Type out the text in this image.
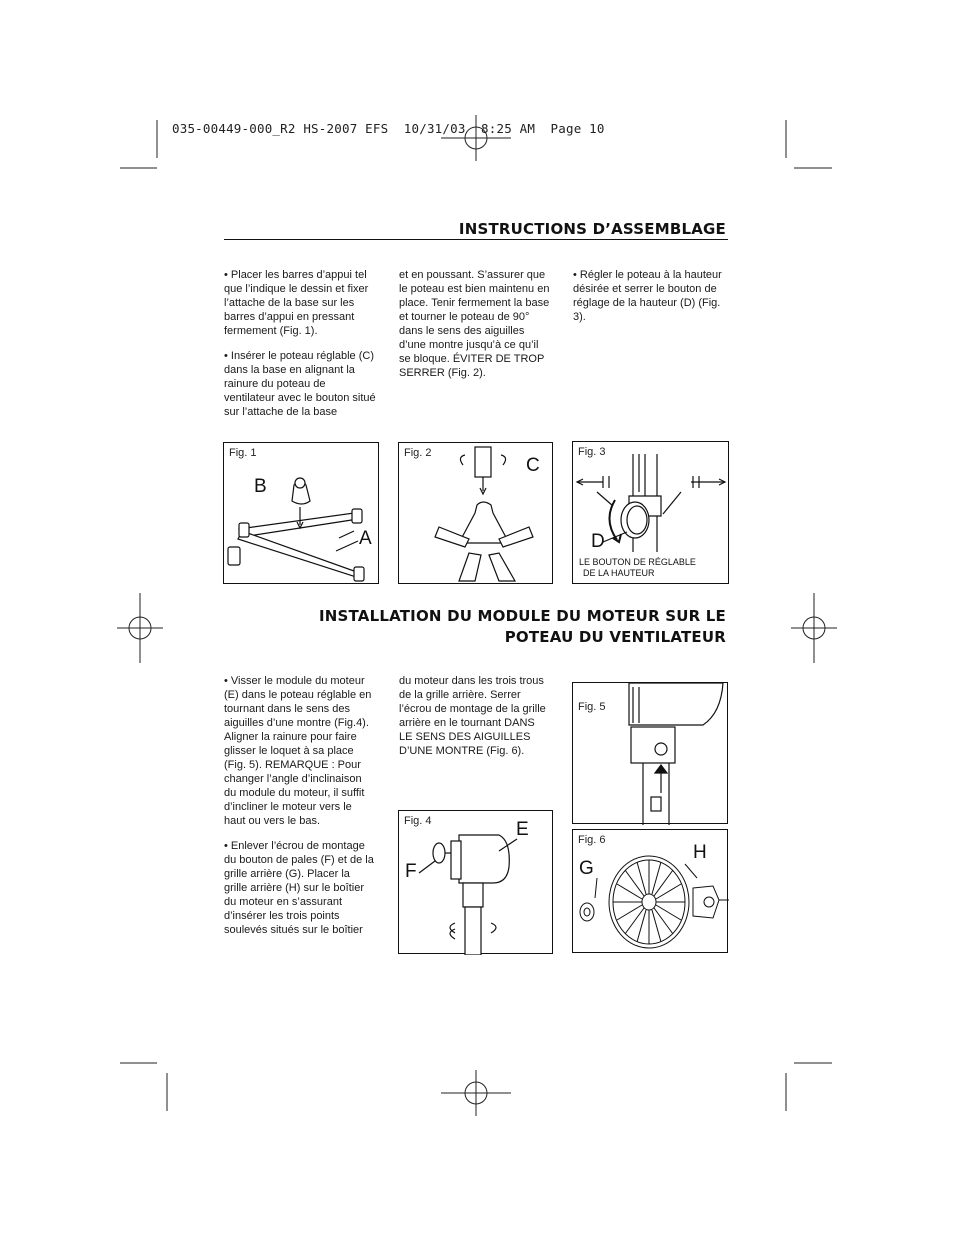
035-00449-000_R2 HS-2007 EFS  10/31/03  8:25 AM  Page 10
INSTRUCTIONS D’ASSEMBLAGE

• Placer les barres d’appui tel que l’indique le dessin et fixer l’attache de la base sur les barres d’appui en pressant fermement (Fig. 1).

• Insérer le poteau réglable (C) dans la base en alignant la rainure du poteau de ventilateur avec le bouton situé sur l’attache de la base

et en poussant. S’assurer que le poteau est bien maintenu en place. Tenir fermement la base et tourner le poteau de 90° dans le sens des aiguilles d’une montre jusqu’à ce qu’il se bloque. ÉVITER DE TROP SERRER (Fig. 2).

• Régler le poteau à la hauteur désirée et serrer le bouton de réglage de la hauteur (D) (Fig. 3).

Fig. 1
B
A
Fig. 2
C
Fig. 3
D
LE BOUTON DE RÉGLABLE
DE LA HAUTEUR
INSTALLATION DU MODULE DU MOTEUR SUR LE
POTEAU DU VENTILATEUR

• Visser le module du moteur (E) dans le poteau réglable en tournant dans le sens des aiguilles d’une montre (Fig.4). Aligner la rainure pour faire glisser le loquet à sa place (Fig. 5). REMARQUE : Pour changer l’angle d’inclinaison du module du moteur, il suffit d’incliner le moteur vers le haut ou vers le bas.

• Enlever l’écrou de montage du bouton de pales (F) et de la grille arrière (G). Placer la grille arrière (H) sur le boîtier du moteur en s’assurant d’insérer les trois points soulevés situés sur le boîtier

du moteur dans les trois trous de la grille arrière. Serrer l’écrou de montage de la grille arrière en le tournant DANS LE SENS DES AIGUILLES D’UNE MONTRE (Fig. 6).

Fig. 4	E
F
Fig. 5
Fig. 6
G
H
